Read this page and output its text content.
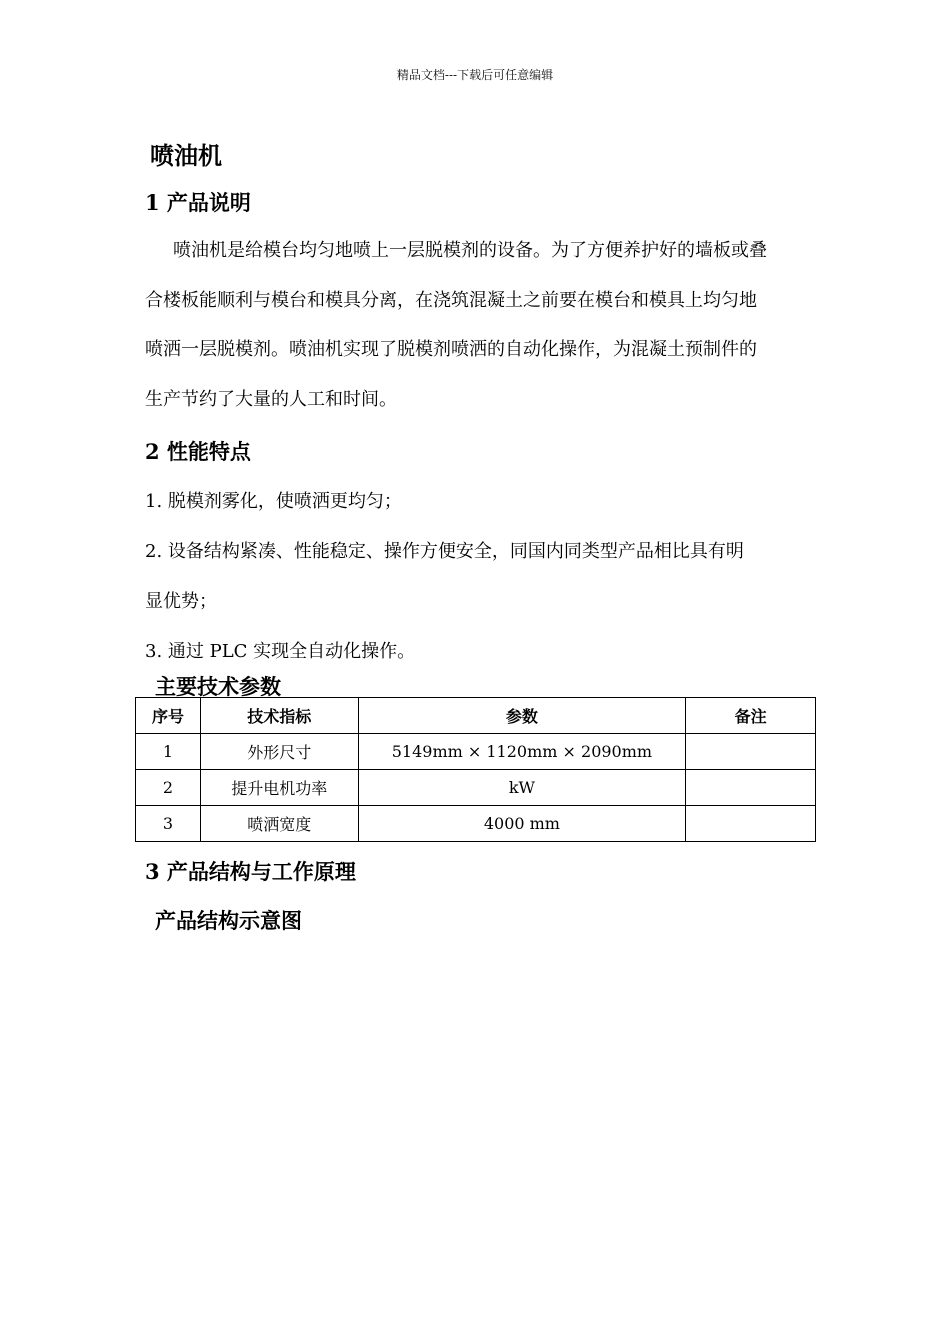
精品文档---下载后可任意编辑
喷油机
1 产品说明
喷油机是给模台均匀地喷上一层脱模剂的设备。为了方便养护好的墙板或叠
合楼板能顺利与模台和模具分离，在浇筑混凝土之前要在模台和模具上均匀地
喷洒一层脱模剂。喷油机实现了脱模剂喷洒的自动化操作，为混凝土预制件的
生产节约了大量的人工和时间。
2 性能特点
1. 脱模剂雾化，使喷洒更均匀；
2. 设备结构紧凑、性能稳定、操作方便安全，同国内同类型产品相比具有明
显优势；
3. 通过 PLC 实现全自动化操作。
主要技术参数
序号	技术指标	参数	备注
1	外形尺寸	5149mm × 1120mm × 2090mm	
2	提升电机功率	kW	
3	喷洒宽度	4000 mm	
3 产品结构与工作原理
产品结构示意图
